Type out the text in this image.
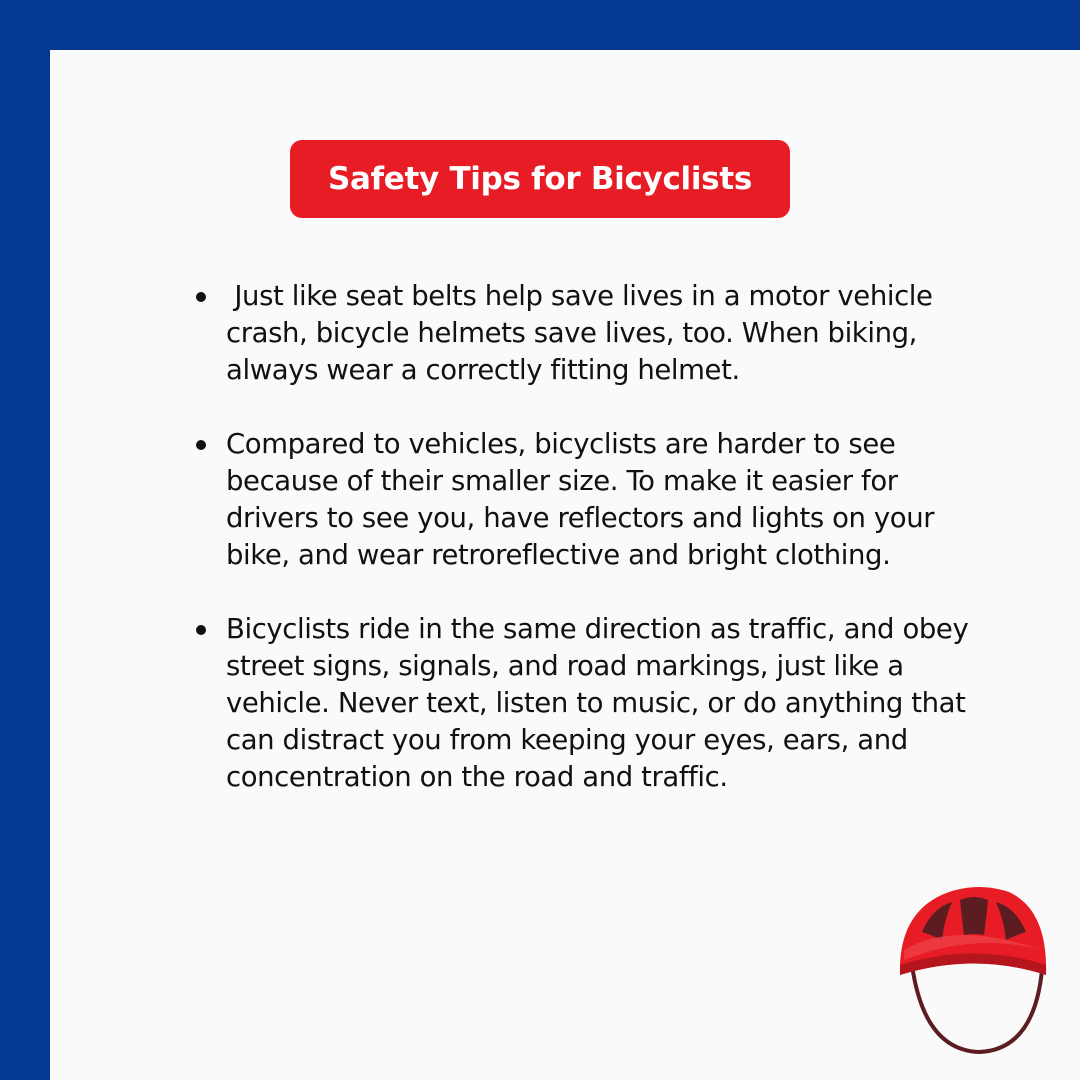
Safety Tips for Bicyclists
Just like seat belts help save lives in a motor vehicle crash, bicycle helmets save lives, too. When biking, always wear a correctly fitting helmet.
Compared to vehicles, bicyclists are harder to see because of their smaller size. To make it easier for drivers to see you, have reflectors and lights on your bike, and wear retroreflective and bright clothing.
Bicyclists ride in the same direction as traffic, and obey street signs, signals, and road markings, just like a vehicle. Never text, listen to music, or do anything that can distract you from keeping your eyes, ears, and concentration on the road and traffic.
